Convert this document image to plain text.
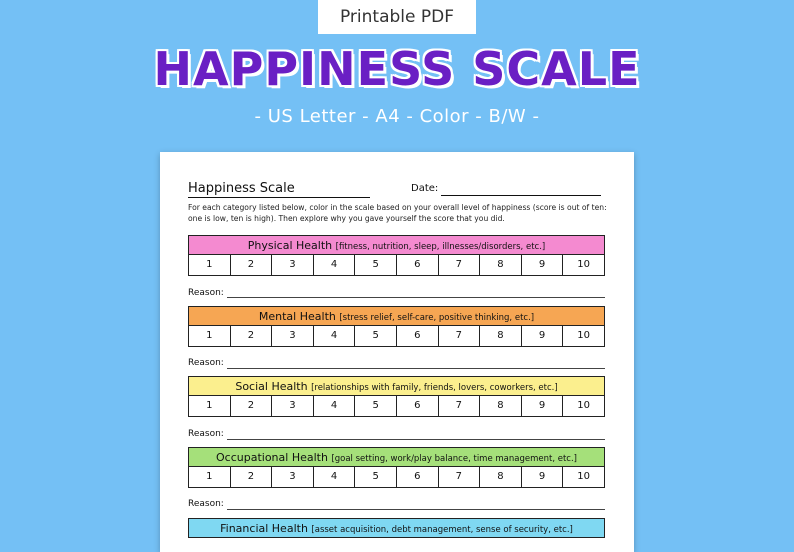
Printable PDF
HAPPINESS SCALE
- US Letter - A4 - Color - B/W -
Happiness Scale	Date:
For each category listed below, color in the scale based on your overall level of happiness (score is out of ten: one is low, ten is high). Then explore why you gave yourself the score that you did.
Physical Health [fitness, nutrition, sleep, illnesses/disorders, etc.]
1	2	3	4	5	6	7	8	9	10
Reason:
Mental Health [stress relief, self-care, positive thinking, etc.]
1	2	3	4	5	6	7	8	9	10
Reason:
Social Health [relationships with family, friends, lovers, coworkers, etc.]
1	2	3	4	5	6	7	8	9	10
Reason:
Occupational Health [goal setting, work/play balance, time management, etc.]
1	2	3	4	5	6	7	8	9	10
Reason:
Financial Health [asset acquisition, debt management, sense of security, etc.]
